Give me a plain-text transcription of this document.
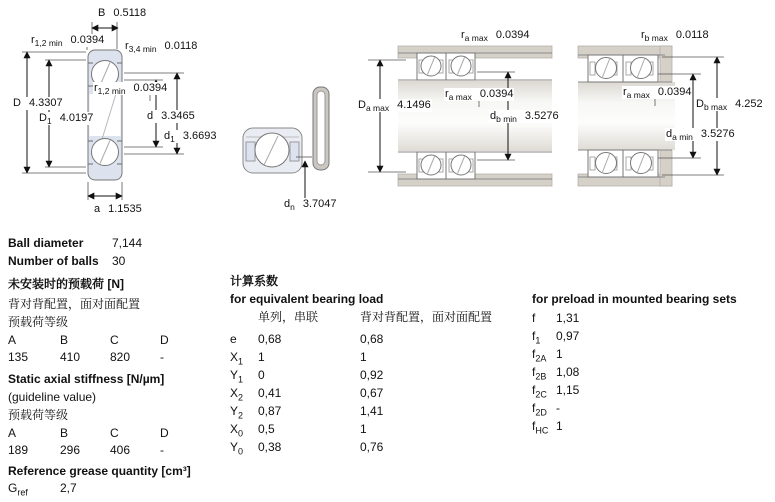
B 0.5118
$r_{1,2 min}$ 0.0394 $r_{3,4 min}$ 0.0118
D 4.3307
$D_1$ 4.0197
$r_{1,2 min}$ 0.0394
d 3.3465
$d_1$ 3.6693
a 1.1535	$d_n$ 3.7047
$r_{a max}$ 0.0394
$D_{a max}$ 4.1496
$r_{a max}$ 0.0394
$d_{b min}$ 3.5276
$r_{b max}$ 0.0118
$r_{a max}$ 0.0394
$D_{b max}$ 4.252
$d_{a min}$ 3.5276
Ball diameter 7,144
Number of balls 30
未安装时的预载荷 [N]
背对背配置，面对面配置
预载荷等级
A	B	C	D
135	410 820 -
Static axial stiffness [N/µm]
(guideline value)
预载荷等级
A	B	C	D
189	296 406 -
Reference grease quantity [cm³]
$G_{ref}$	2,7
计算系数
for equivalent bearing load
单列，串联	背对背配置，面对面配置
e 0,68	0,68
$X_1$ 1	1
$Y_1$ 0	0,92
$X_2$ 0,41	0,67
$Y_2$ 0,87	1,41
$X_0$ 0,5	1
$Y_0$ 0,38	0,76
for preload in mounted bearing sets
f 1,31
$f_1$ 0,97
$f_{2A}$ 1
$f_{2B}$ 1,08
$f_{2C}$ 1,15
$f_{2D}$ -
$f_{HC}$ 1
